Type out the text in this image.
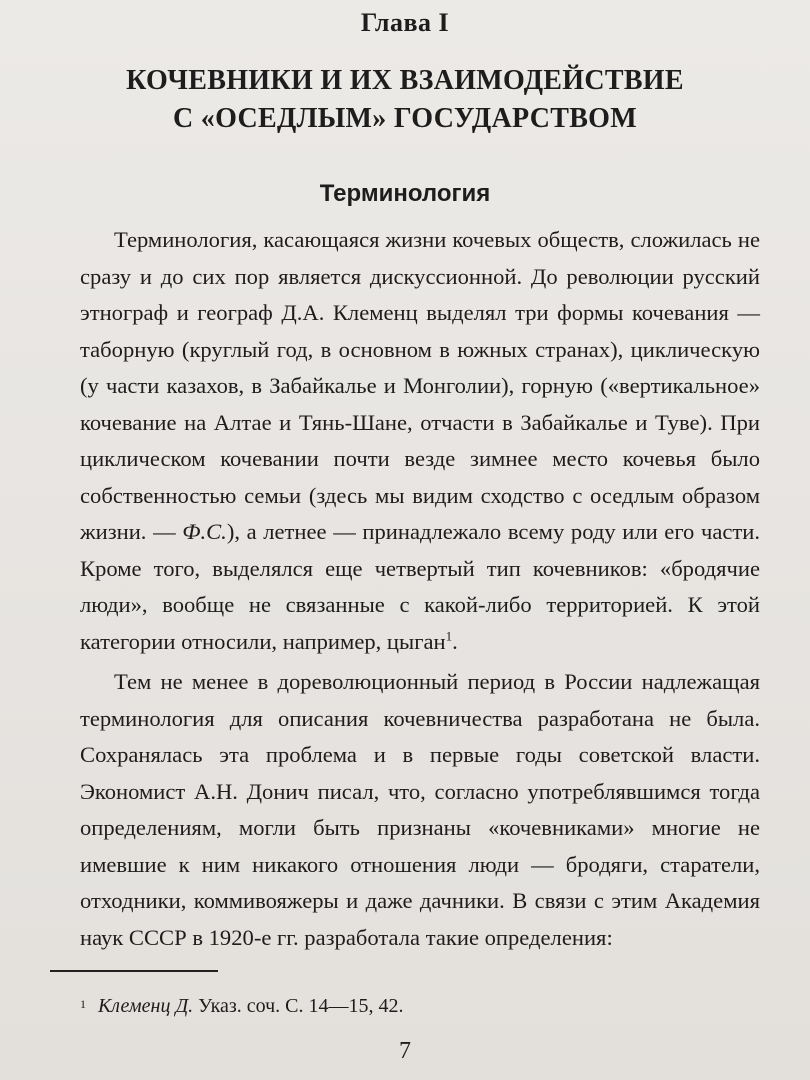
Глава I
КОЧЕВНИКИ И ИХ ВЗАИМОДЕЙСТВИЕ
С «ОСЕДЛЫМ» ГОСУДАРСТВОМ
Терминология

Терминология, касающаяся жизни кочевых обществ, сложилась не сразу и до сих пор является дискуссионной. До революции русский этнограф и географ Д.А. Клеменц выделял три формы кочевания — таборную (круглый год, в основном в южных странах), циклическую (у части казахов, в Забайкалье и Монголии), горную («вертикальное» кочевание на Алтае и Тянь-Шане, отчасти в Забайкалье и Туве). При циклическом кочевании почти везде зимнее место кочевья было собственностью семьи (здесь мы видим сходство с оседлым образом жизни. — Ф.С.), а летнее — принадлежало всему роду или его части. Кроме того, выделялся еще четвертый тип кочевников: «бродячие люди», вообще не связанные с какой-либо территорией. К этой категории относили, например, цыган$^1$.

Тем не менее в дореволюционный период в России надлежащая терминология для описания кочевничества разработана не была. Сохранялась эта проблема и в первые годы советской власти. Экономист А.Н. Донич писал, что, согласно употреблявшимся тогда определениям, могли быть признаны «кочевниками» многие не имевшие к ним никакого отношения люди — бродяги, старатели, отходники, коммивояжеры и даже дачники. В связи с этим Академия наук СССР в 1920-е гг. разработала такие определения:

$^1$ Клеменц Д. Указ. соч. С. 14—15, 42.
7
